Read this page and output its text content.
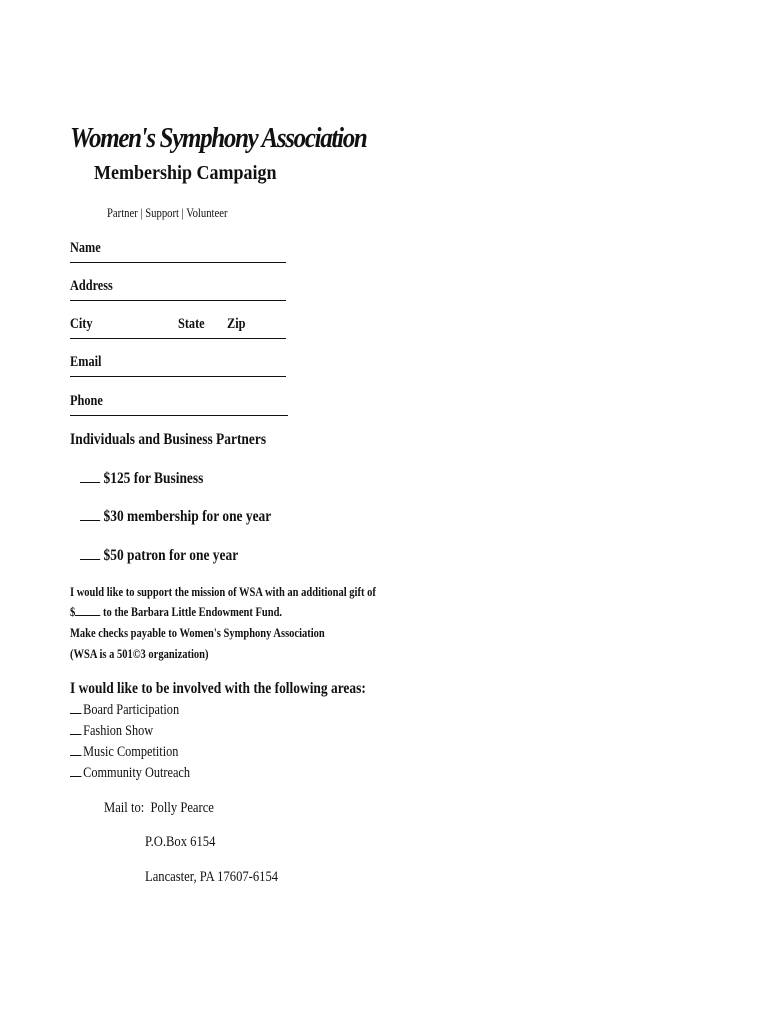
Women's Symphony Association
Membership Campaign
Partner | Support | Volunteer
Name
Address
City	State Zip
Email
Phone
Individuals and Business Partners
$125 for Business
$30 membership for one year
$50 patron for one year
I would like to support the mission of WSA with an additional gift of
$ to the Barbara Little Endowment Fund.
Make checks payable to Women's Symphony Association
(WSA is a 501©3 organization)
I would like to be involved with the following areas:
Board Participation
Fashion Show
Music Competition
Community Outreach
Mail to: Polly Pearce
P.O.Box 6154
Lancaster, PA 17607-6154
